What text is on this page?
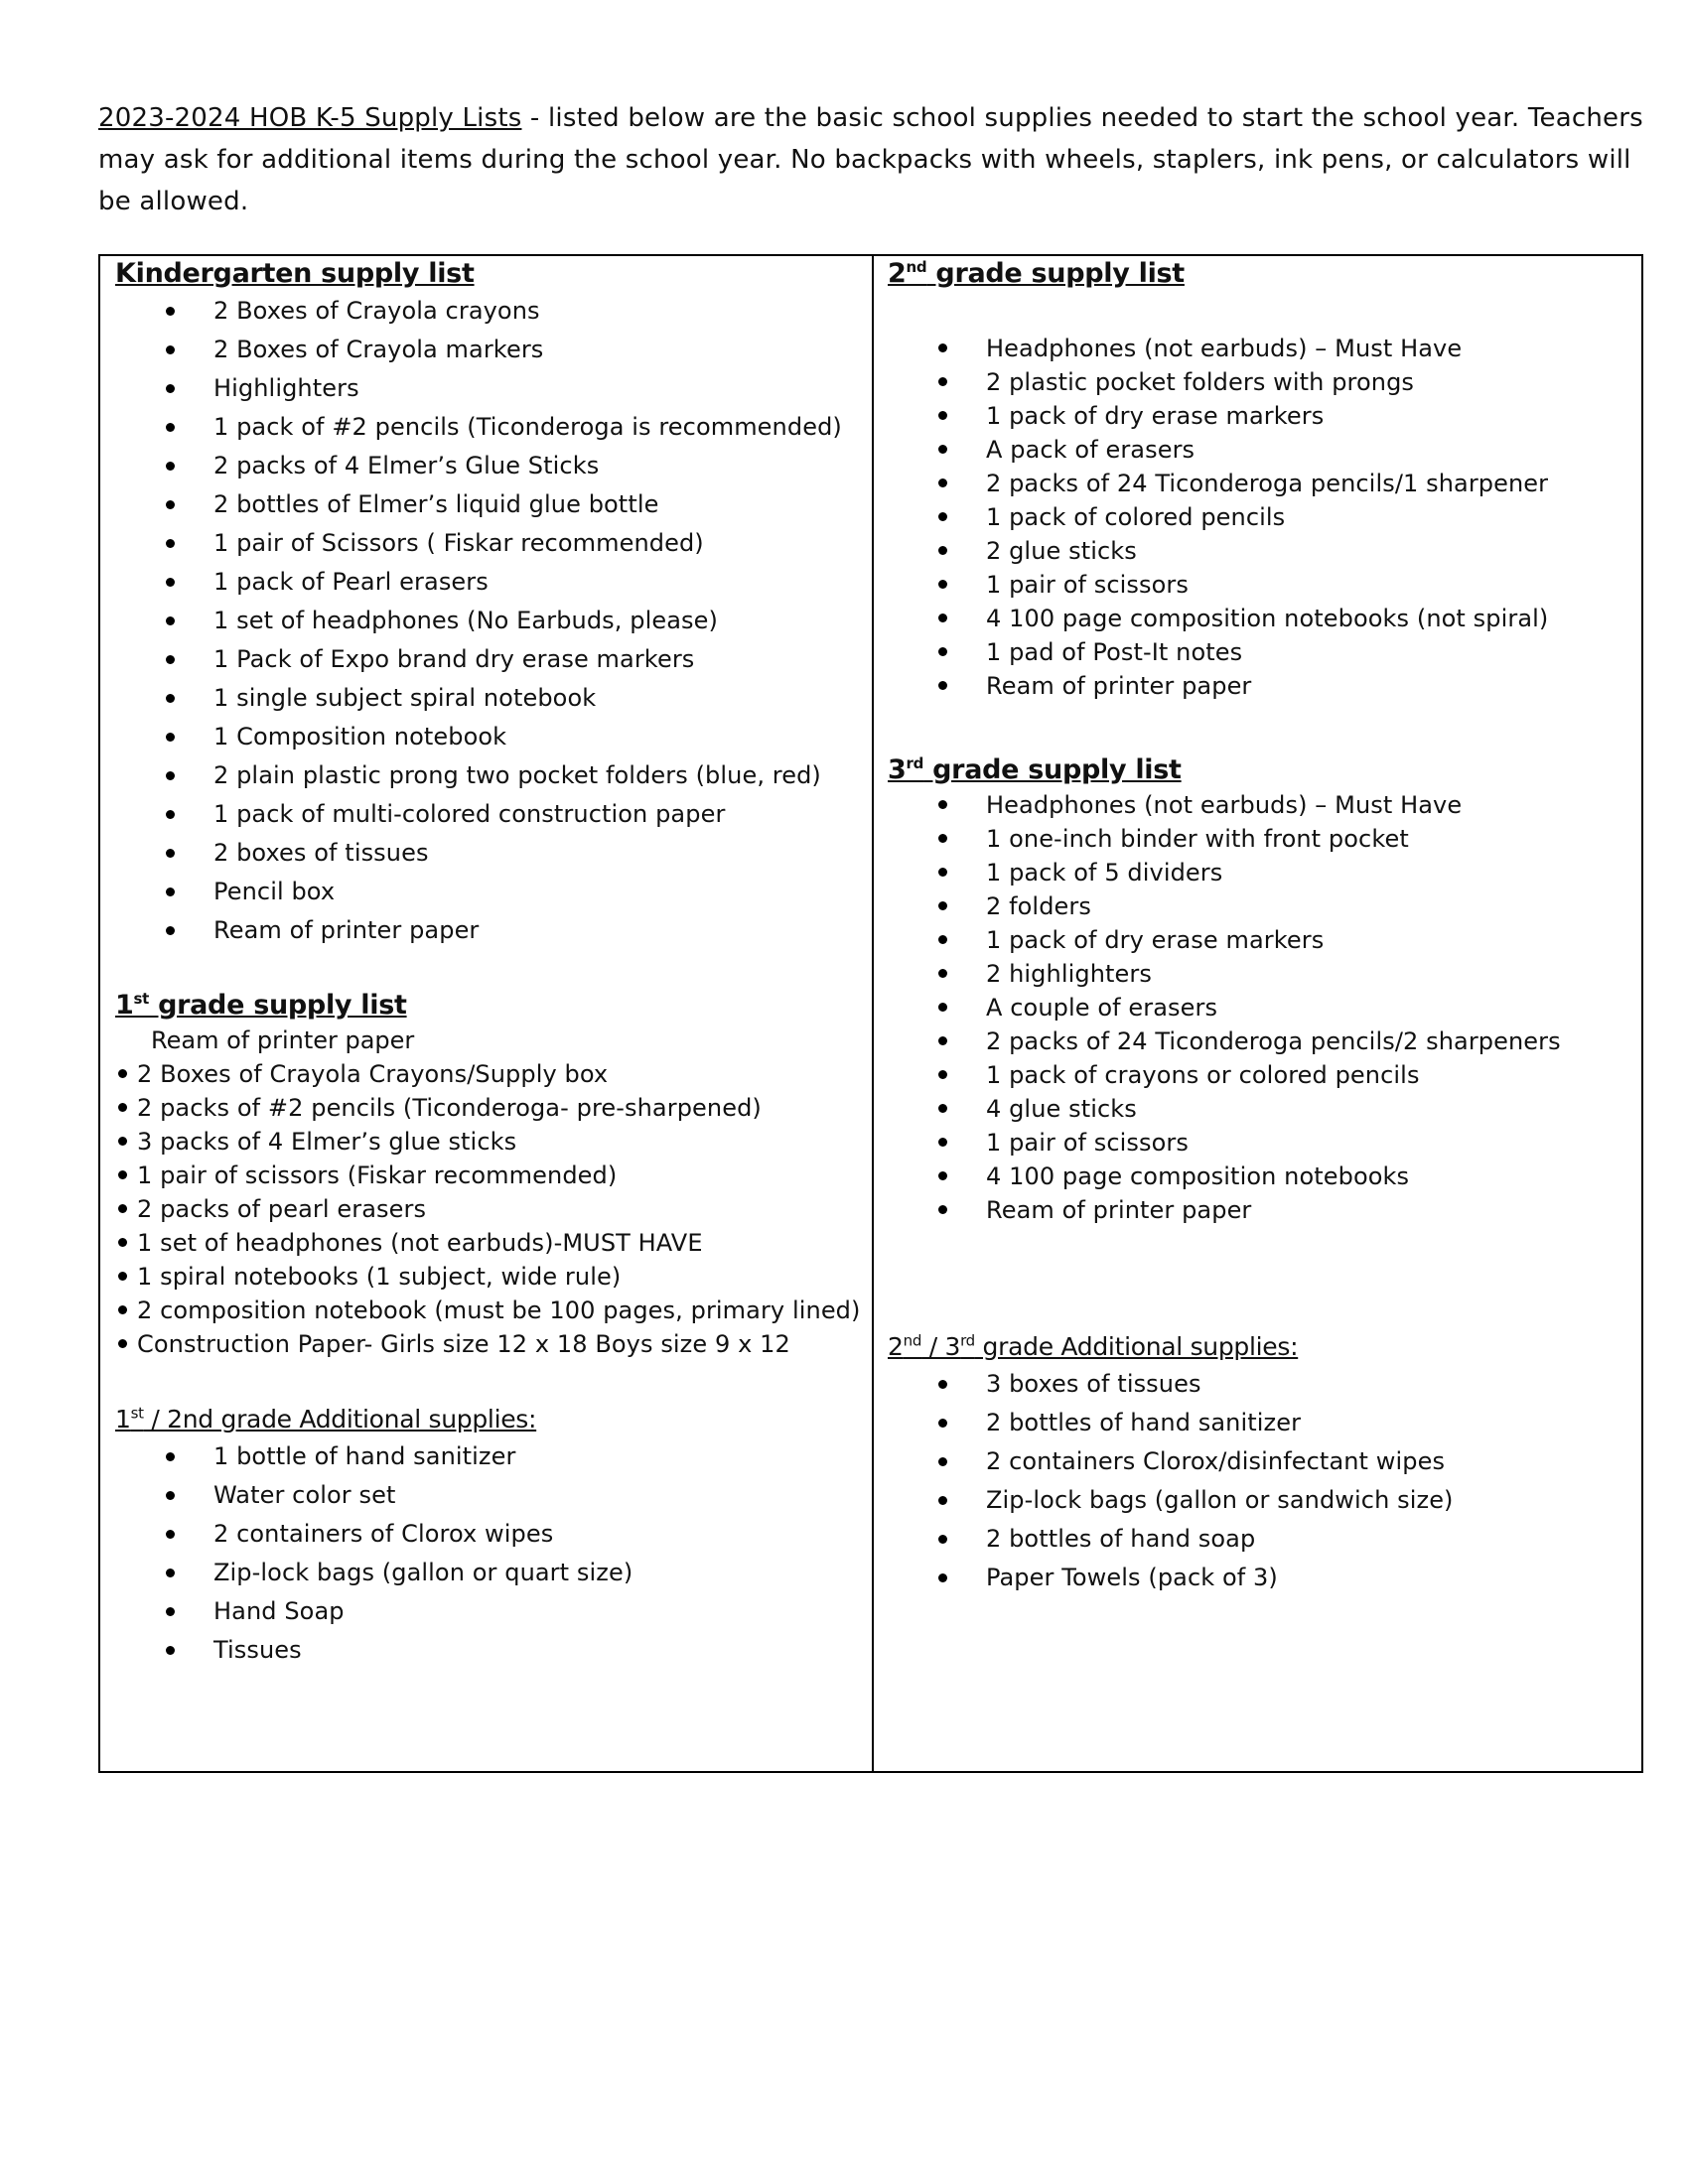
2023-2024 HOB K-5 Supply Lists - listed below are the basic school supplies needed to start the school year. Teachers may ask for additional items during the school year. No backpacks with wheels, staplers, ink pens, or calculators will be allowed.
Kindergarten supply list
2 Boxes of Crayola crayons
2 Boxes of Crayola markers
Highlighters
1 pack of #2 pencils (Ticonderoga is recommended)
2 packs of 4 Elmer’s Glue Sticks
2 bottles of Elmer’s liquid glue bottle
1 pair of Scissors ( Fiskar recommended)
1 pack of Pearl erasers
1 set of headphones (No Earbuds, please)
1 Pack of Expo brand dry erase markers
1 single subject spiral notebook
1 Composition notebook
2 plain plastic prong two pocket folders (blue, red)
1 pack of multi-colored construction paper
2 boxes of tissues
Pencil box
Ream of printer paper
1st grade supply list
Ream of printer paper
2 Boxes of Crayola Crayons/Supply box
2 packs of #2 pencils (Ticonderoga- pre-sharpened)
3 packs of 4 Elmer’s glue sticks
1 pair of scissors (Fiskar recommended)
2 packs of pearl erasers
1 set of headphones (not earbuds)-MUST HAVE
1 spiral notebooks (1 subject, wide rule)
2 composition notebook (must be 100 pages, primary lined)
Construction Paper- Girls size 12 x 18 Boys size 9 x 12
1st / 2nd grade Additional supplies:
1 bottle of hand sanitizer
Water color set
2 containers of Clorox wipes
Zip-lock bags (gallon or quart size)
Hand Soap
Tissues
2nd grade supply list
Headphones (not earbuds) – Must Have
2 plastic pocket folders with prongs
1 pack of dry erase markers
A pack of erasers
2 packs of 24 Ticonderoga pencils/1 sharpener
1 pack of colored pencils
2 glue sticks
1 pair of scissors
4 100 page composition notebooks (not spiral)
1 pad of Post-It notes
Ream of printer paper
3rd grade supply list
Headphones (not earbuds) – Must Have
1 one-inch binder with front pocket
1 pack of 5 dividers
2 folders
1 pack of dry erase markers
2 highlighters
A couple of erasers
2 packs of 24 Ticonderoga pencils/2 sharpeners
1 pack of crayons or colored pencils
4 glue sticks
1 pair of scissors
4 100 page composition notebooks
Ream of printer paper
2nd / 3rd grade Additional supplies:
3 boxes of tissues
2 bottles of hand sanitizer
2 containers Clorox/disinfectant wipes
Zip-lock bags (gallon or sandwich size)
2 bottles of hand soap
Paper Towels (pack of 3)
